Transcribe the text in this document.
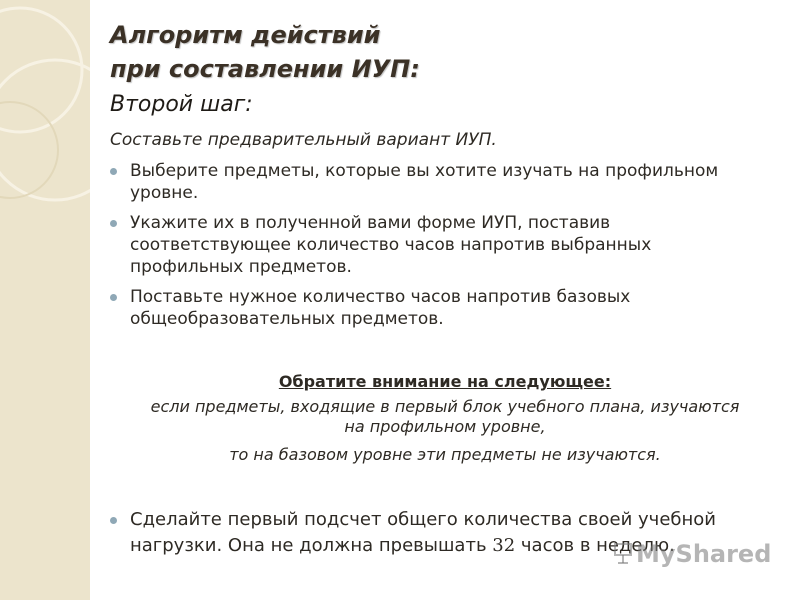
Алгоритм действий
при составлении ИУП:
Второй шаг:
Составьте предварительный вариант ИУП.
Выберите предметы, которые вы хотите изучать на профильном уровне.
Укажите их в полученной вами форме ИУП, поставив соответствующее количество часов напротив выбранных профильных предметов.
Поставьте нужное количество часов напротив базовых общеобразовательных предметов.
Обратите внимание на следующее:
если предметы, входящие в первый блок учебного плана, изучаются
на профильном уровне,
то на базовом уровне эти предметы не изучаются.
Сделайте первый подсчет общего количества своей учебной
нагрузки. Она не должна превышать 32 часов в неделю.
MyShared
